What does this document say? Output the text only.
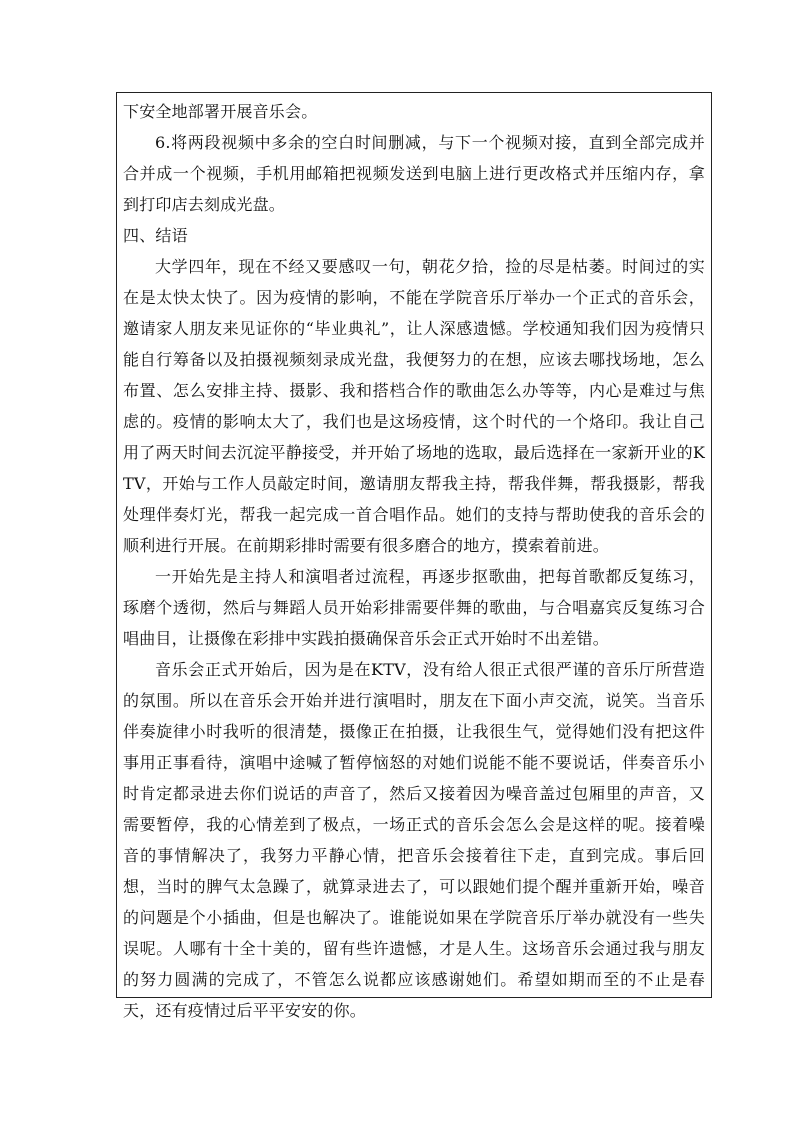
下安全地部署开展音乐会。

6.将两段视频中多余的空白时间删减，与下一个视频对接，直到全部完成并合并成一个视频，手机用邮箱把视频发送到电脑上进行更改格式并压缩内存，拿到打印店去刻成光盘。

四、结语

大学四年，现在不经又要感叹一句，朝花夕拾，捡的尽是枯萎。时间过的实在是太快太快了。因为疫情的影响，不能在学院音乐厅举办一个正式的音乐会，邀请家人朋友来见证你的“毕业典礼”，让人深感遗憾。学校通知我们因为疫情只能自行筹备以及拍摄视频刻录成光盘，我便努力的在想，应该去哪找场地，怎么布置、怎么安排主持、摄影、我和搭档合作的歌曲怎么办等等，内心是难过与焦虑的。疫情的影响太大了，我们也是这场疫情，这个时代的一个烙印。我让自己用了两天时间去沉淀平静接受，并开始了场地的选取，最后选择在一家新开业的KTV，开始与工作人员敲定时间，邀请朋友帮我主持，帮我伴舞，帮我摄影，帮我处理伴奏灯光，帮我一起完成一首合唱作品。她们的支持与帮助使我的音乐会的顺利进行开展。在前期彩排时需要有很多磨合的地方，摸索着前进。

一开始先是主持人和演唱者过流程，再逐步抠歌曲，把每首歌都反复练习，琢磨个透彻，然后与舞蹈人员开始彩排需要伴舞的歌曲，与合唱嘉宾反复练习合唱曲目，让摄像在彩排中实践拍摄确保音乐会正式开始时不出差错。

音乐会正式开始后，因为是在KTV，没有给人很正式很严谨的音乐厅所营造的氛围。所以在音乐会开始并进行演唱时，朋友在下面小声交流，说笑。当音乐伴奏旋律小时我听的很清楚，摄像正在拍摄，让我很生气，觉得她们没有把这件事用正事看待，演唱中途喊了暂停恼怒的对她们说能不能不要说话，伴奏音乐小时肯定都录进去你们说话的声音了，然后又接着因为噪音盖过包厢里的声音，又需要暂停，我的心情差到了极点，一场正式的音乐会怎么会是这样的呢。接着噪音的事情解决了，我努力平静心情，把音乐会接着往下走，直到完成。事后回想，当时的脾气太急躁了，就算录进去了，可以跟她们提个醒并重新开始，噪音的问题是个小插曲，但是也解决了。谁能说如果在学院音乐厅举办就没有一些失误呢。人哪有十全十美的，留有些许遗憾，才是人生。这场音乐会通过我与朋友的努力圆满的完成了，不管怎么说都应该感谢她们。希望如期而至的不止是春天，还有疫情过后平平安安的你。
